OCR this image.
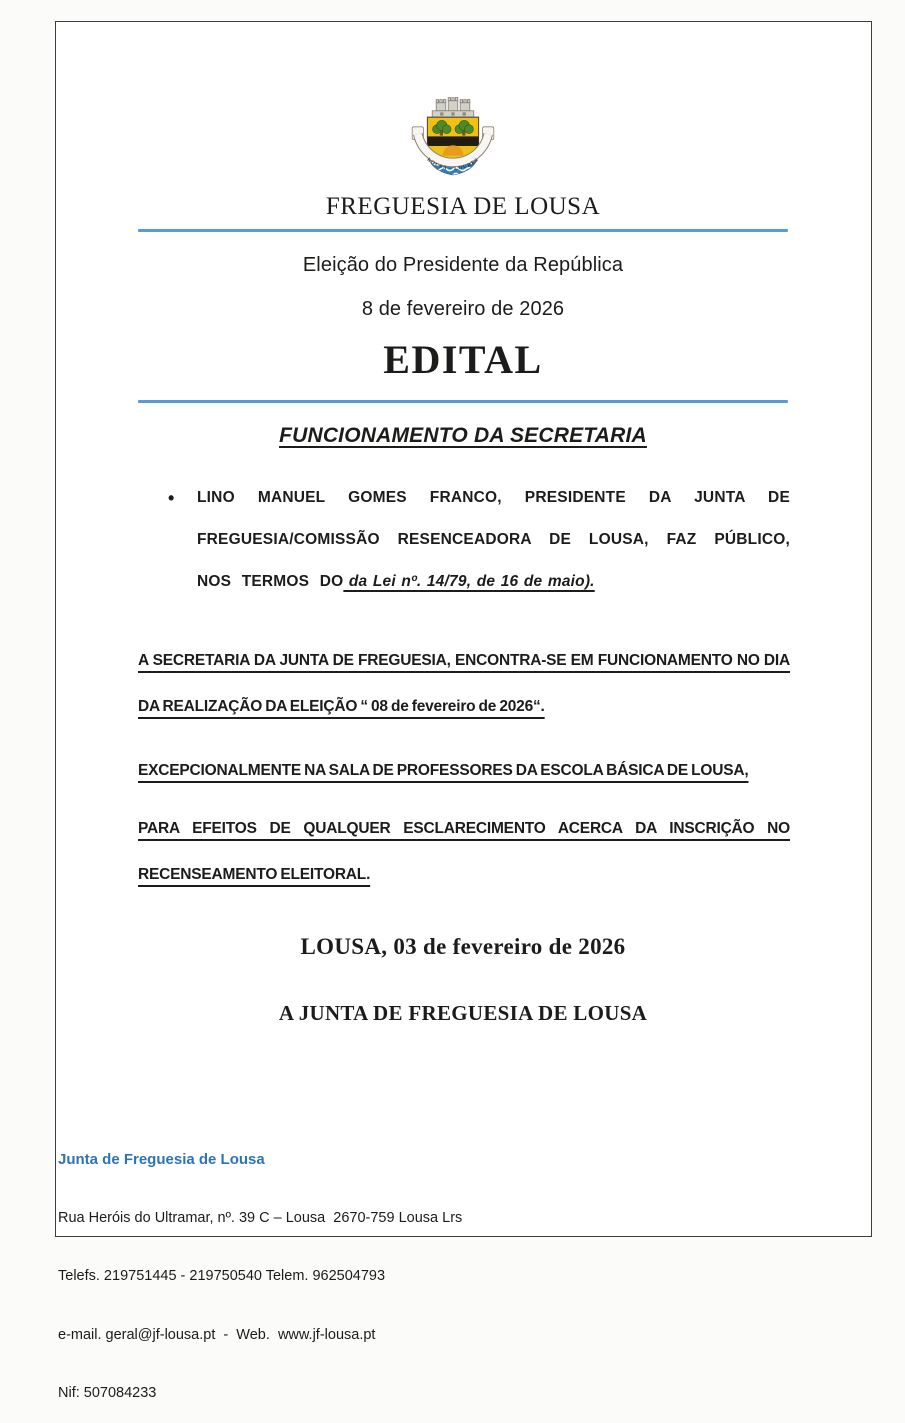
LOUSA - LOURES
FREGUESIA DE LOUSA
Eleição do Presidente da República
8 de fevereiro de 2026
EDITAL
FUNCIONAMENTO DA SECRETARIA
•	LINO MANUEL GOMES FRANCO, PRESIDENTE DA JUNTA DE FREGUESIA/COMISSÃO RESENCEADORA DE LOUSA, FAZ PÚBLICO, NOS TERMOS DO da Lei nº. 14/79, de 16 de maio).
A SECRETARIA DA JUNTA DE FREGUESIA, ENCONTRA-SE EM FUNCIONAMENTO NO DIA DA REALIZAÇÃO DA ELEIÇÃO “ 08 de fevereiro de 2026“.
EXCEPCIONALMENTE NA SALA DE PROFESSORES DA ESCOLA BÁSICA DE LOUSA,
PARA EFEITOS DE QUALQUER ESCLARECIMENTO ACERCA DA INSCRIÇÃO NO RECENSEAMENTO ELEITORAL.
LOUSA, 03 de fevereiro de 2026
A JUNTA DE FREGUESIA DE LOUSA

Junta de Freguesia de Lousa

Rua Heróis do Ultramar, nº. 39 C – Lousa  2670-759 Lousa Lrs

Telefs. 219751445 - 219750540 Telem. 962504793

e-mail. geral@jf-lousa.pt  -  Web.  www.jf-lousa.pt

Nif: 507084233
